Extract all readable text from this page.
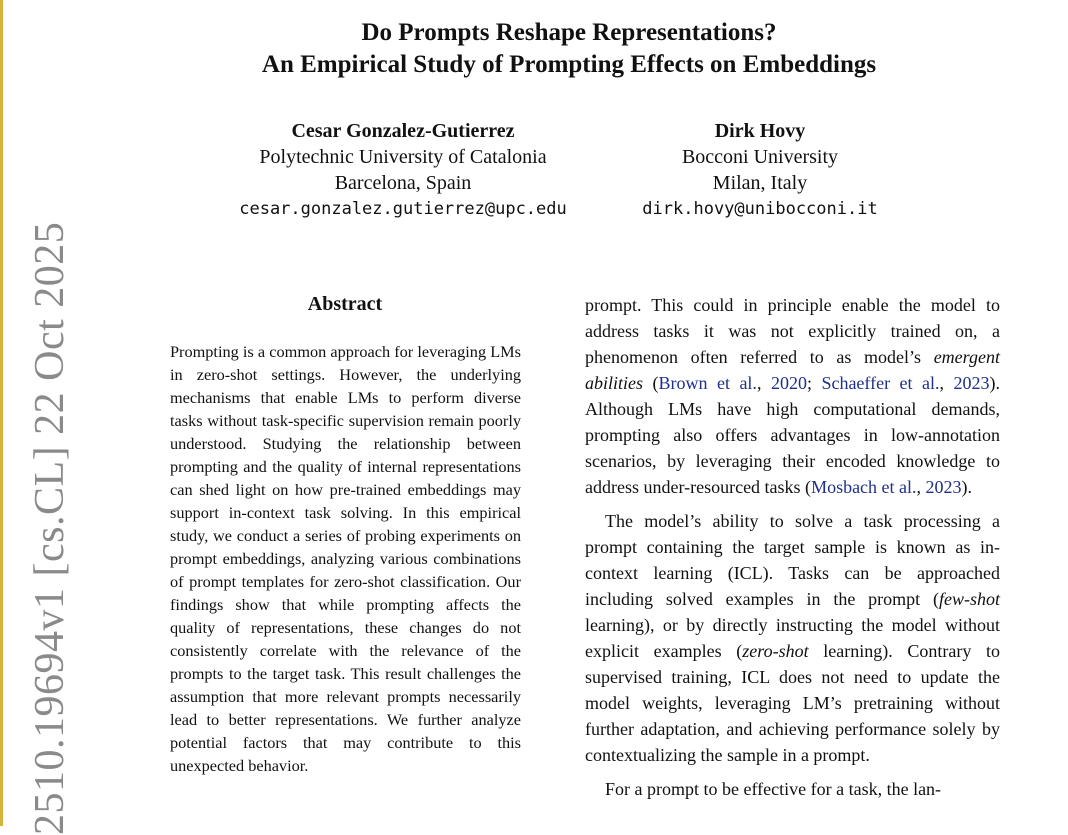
2510.19694v1 [cs.CL] 22 Oct 2025
Do Prompts Reshape Representations?
An Empirical Study of Prompting Effects on Embeddings
Cesar Gonzalez-Gutierrez
Polytechnic University of Catalonia
Barcelona, Spain
cesar.gonzalez.gutierrez@upc.edu
Dirk Hovy
Bocconi University
Milan, Italy
dirk.hovy@unibocconi.it
Abstract
Prompting is a common approach for leveraging LMs in zero-shot settings. However, the underlying mechanisms that enable LMs to perform diverse tasks without task-specific supervision remain poorly understood. Studying the relationship between prompting and the quality of internal representations can shed light on how pre-trained embeddings may support in-context task solving. In this empirical study, we conduct a series of probing experiments on prompt embeddings, analyzing various combinations of prompt templates for zero-shot classification. Our findings show that while prompting affects the quality of representations, these changes do not consistently correlate with the relevance of the prompts to the target task. This result challenges the assumption that more relevant prompts necessarily lead to better representations. We further analyze potential factors that may contribute to this unexpected behavior.

prompt. This could in principle enable the model to address tasks it was not explicitly trained on, a phenomenon often referred to as model’s emergent abilities (Brown et al., 2020; Schaeffer et al., 2023). Although LMs have high computational demands, prompting also offers advantages in low-annotation scenarios, by leveraging their encoded knowledge to address under-resourced tasks (Mosbach et al., 2023).

The model’s ability to solve a task processing a prompt containing the target sample is known as in-context learning (ICL). Tasks can be approached including solved examples in the prompt (few-shot learning), or by directly instructing the model without explicit examples (zero-shot learning). Contrary to supervised training, ICL does not need to update the model weights, leveraging LM’s pretraining without further adaptation, and achieving performance solely by contextualizing the sample in a prompt.

For a prompt to be effective for a task, the lan-
